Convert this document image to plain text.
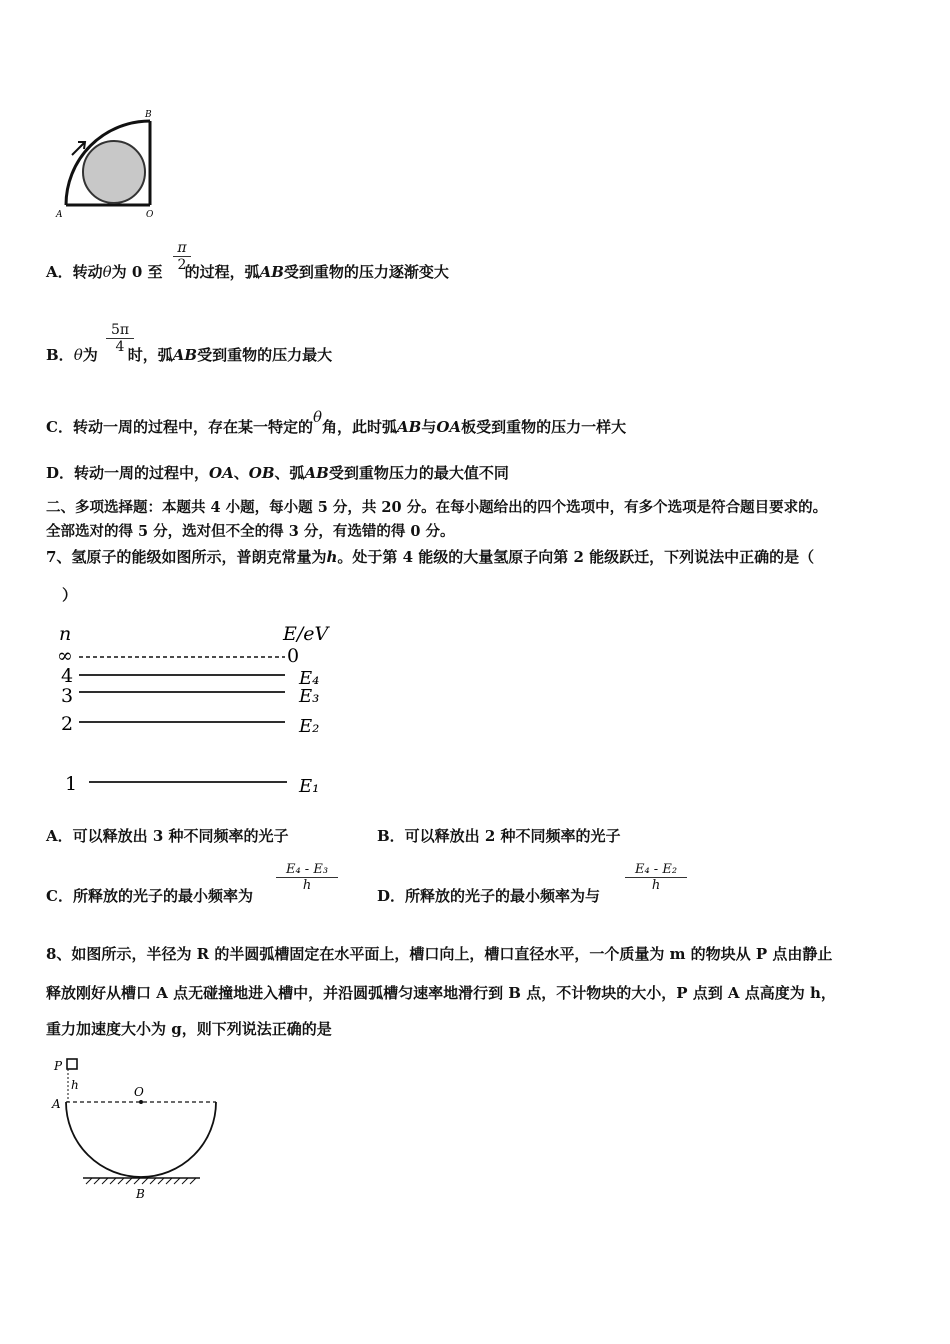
B
A	O
A．转动θ为 0 至 的过程，弧AB受到重物的压力逐渐变大
$\frac{\pi}{2}$
B．θ为 时，弧AB受到重物的压力最大
$\frac{5\pi}{4}$
C．转动一周的过程中，存在某一特定的θ角，此时弧AB与OA板受到重物的压力一样大
D．转动一周的过程中，OA、OB、弧AB受到重物压力的最大值不同
二、多项选择题：本题共 4 小题，每小题 5 分，共 20 分。在每小题给出的四个选项中，有多个选项是符合题目要求的。
全部选对的得 5 分，选对但不全的得 3 分，有选错的得 0 分。
7、氢原子的能级如图所示，普朗克常量为h。处于第 4 能级的大量氢原子向第 2 能级跃迁，下列说法中正确的是（
）
n	E/eV
∞	0
4	E₄
3	E₃
2	E₂
1	E₁
A．可以释放出 3 种不同频率的光子	B．可以释放出 2 种不同频率的光子
C．所释放的光子的最小频率为
$\frac{\text{E₄ - E₃}}{h}$
D．所释放的光子的最小频率为与
$\frac{\text{E₄ - E₂}}{h}$
8、如图所示，半径为 R 的半圆弧槽固定在水平面上，槽口向上，槽口直径水平，一个质量为 m 的物块从 P 点由静止
释放刚好从槽口 A 点无碰撞地进入槽中，并沿圆弧槽匀速率地滑行到 B 点，不计物块的大小，P 点到 A 点高度为 h，
重力加速度大小为 g，则下列说法正确的是
P
h	O
A
B
